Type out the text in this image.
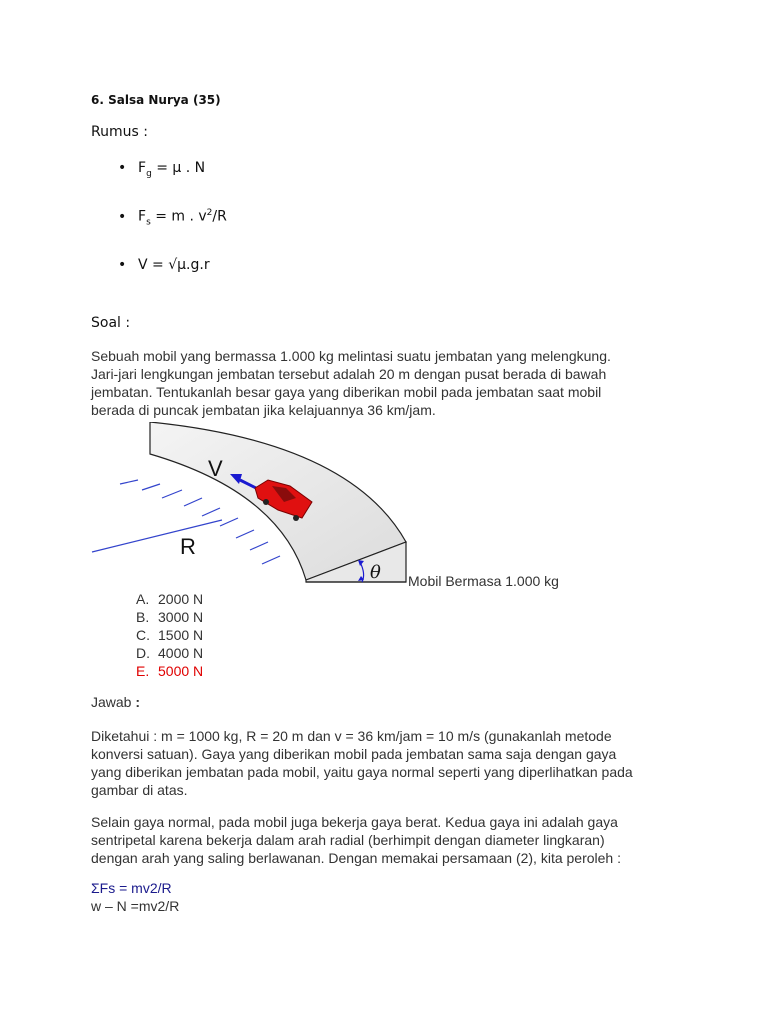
6. Salsa Nurya (35)
Rumus :
• $F_g = \mu$ . N
• $F_s = m$ . $v^2/R$
• V = √μ.g.r
Soal :
Sebuah mobil yang bermassa 1.000 kg melintasi suatu jembatan yang melengkung.
Jari-jari lengkungan jembatan tersebut adalah 20 m dengan pusat berada di bawah
jembatan. Tentukanlah besar gaya yang diberikan mobil pada jembatan saat mobil
berada di puncak jembatan jika kelajuannya 36 km/jam.
V
R
θ Mobil Bermasa 1.000 kg
A. 2000 N
B. 3000 N
C. 1500 N
D. 4000 N
E. 5000 N
Jawab :
Diketahui : m = 1000 kg, R = 20 m dan v = 36 km/jam = 10 m/s (gunakanlah metode
konversi satuan). Gaya yang diberikan mobil pada jembatan sama saja dengan gaya
yang diberikan jembatan pada mobil, yaitu gaya normal seperti yang diperlihatkan pada
gambar di atas.
Selain gaya normal, pada mobil juga bekerja gaya berat. Kedua gaya ini adalah gaya
sentripetal karena bekerja dalam arah radial (berhimpit dengan diameter lingkaran)
dengan arah yang saling berlawanan. Dengan memakai persamaan (2), kita peroleh :
ΣFs = mv2/R
w – N =mv2/R
